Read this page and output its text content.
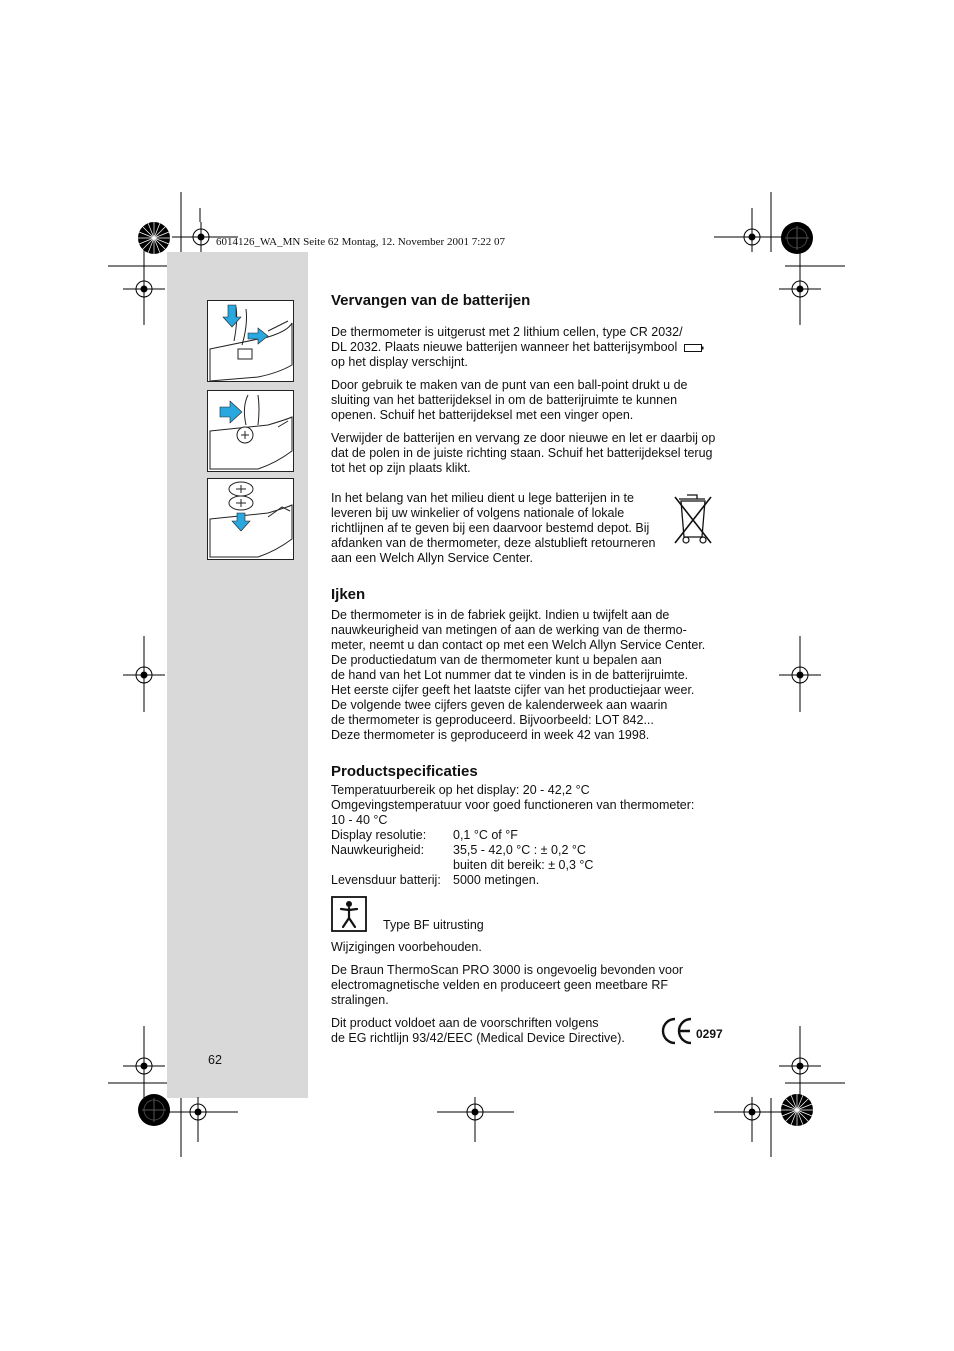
6014126_WA_MN Seite 62 Montag, 12. November 2001 7:22 07
Vervangen van de batterijen

De thermometer is uitgerust met 2 lithium cellen, type CR 2032/
DL 2032. Plaats nieuwe batterijen wanneer het batterijsymbool
op het display verschijnt.

Door gebruik te maken van de punt van een ball-point drukt u de sluiting van het batterijdeksel in om de batterijruimte te kunnen openen. Schuif het batterijdeksel met een vinger open.

Verwijder de batterijen en vervang ze door nieuwe en let er daarbij op dat de polen in de juiste richting staan. Schuif het batterijdeksel terug tot het op zijn plaats klikt.

In het belang van het milieu dient u lege batterijen in te leveren bij uw winkelier of volgens nationale of lokale richtlijnen af te geven bij een daarvoor bestemd depot. Bij afdanken van de thermometer, deze alstublieft retourneren aan een Welch Allyn Service Center.

Ijken

De thermometer is in de fabriek geijkt. Indien u twijfelt aan de
nauwkeurigheid van metingen of aan de werking van de thermo-
meter, neemt u dan contact op met een Welch Allyn Service Center.
De productiedatum van de thermometer kunt u bepalen aan
de hand van het Lot nummer dat te vinden is in de batterijruimte.
Het eerste cijfer geeft het laatste cijfer van het productiejaar weer.
De volgende twee cijfers geven de kalenderweek aan waarin
de thermometer is geproduceerd. Bijvoorbeeld: LOT 842...
Deze thermometer is geproduceerd in week 42 van 1998.

Productspecificaties

Temperatuurbereik op het display: 20 - 42,2 °C

Omgevingstemperatuur voor goed functioneren van thermometer:

10 - 40 °C

Display resolutie:	0,1 °C of °F
Nauwkeurigheid:	35,5 - 42,0 °C : ± 0,2 °C
buiten dit bereik: ± 0,3 °C
Levensduur batterij: 5000 metingen.
Type BF uitrusting

Wijzigingen voorbehouden.

De Braun ThermoScan PRO 3000 is ongevoelig bevonden voor electromagnetische velden en produceert geen meetbare RF stralingen.

Dit product voldoet aan de voorschriften volgens
de EG richtlijn 93/42/EEC (Medical Device Directive).	0297
62
